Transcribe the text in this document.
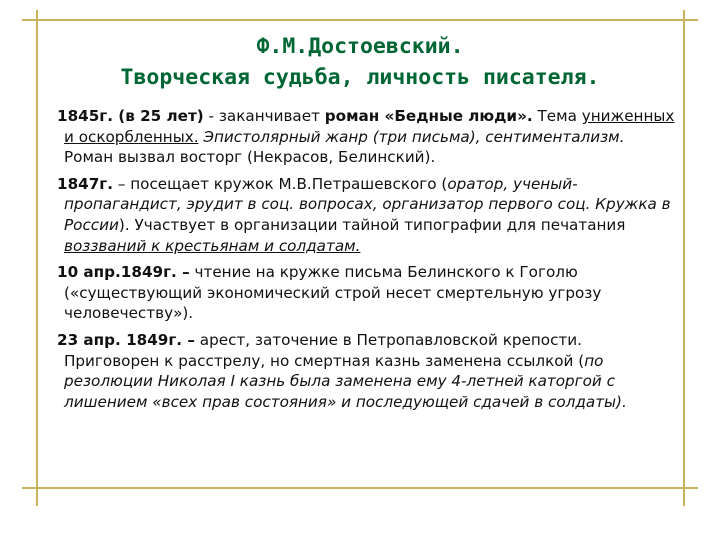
Ф.М.Достоевский.
Творческая судьба, личность писателя.

1845г. (в 25 лет) - заканчивает роман «Бедные люди». Тема униженных и оскорбленных. Эпистолярный жанр (три письма), сентиментализм. Роман вызвал восторг (Некрасов, Белинский).

1847г. – посещает кружок М.В.Петрашевского (оратор, ученый-пропагандист, эрудит в соц. вопросах, организатор первого соц. Кружка в России). Участвует в организации тайной типографии для печатания воззваний к крестьянам и солдатам.

10 апр.1849г. – чтение на кружке письма Белинского к Гоголю («существующий экономический строй несет смертельную угрозу человечеству»).

23 апр. 1849г. – арест, заточение в Петропавловской крепости. Приговорен к расстрелу, но смертная казнь заменена ссылкой (по резолюции Николая I казнь была заменена ему 4-летней каторгой с лишением «всех прав состояния» и последующей сдачей в солдаты).
